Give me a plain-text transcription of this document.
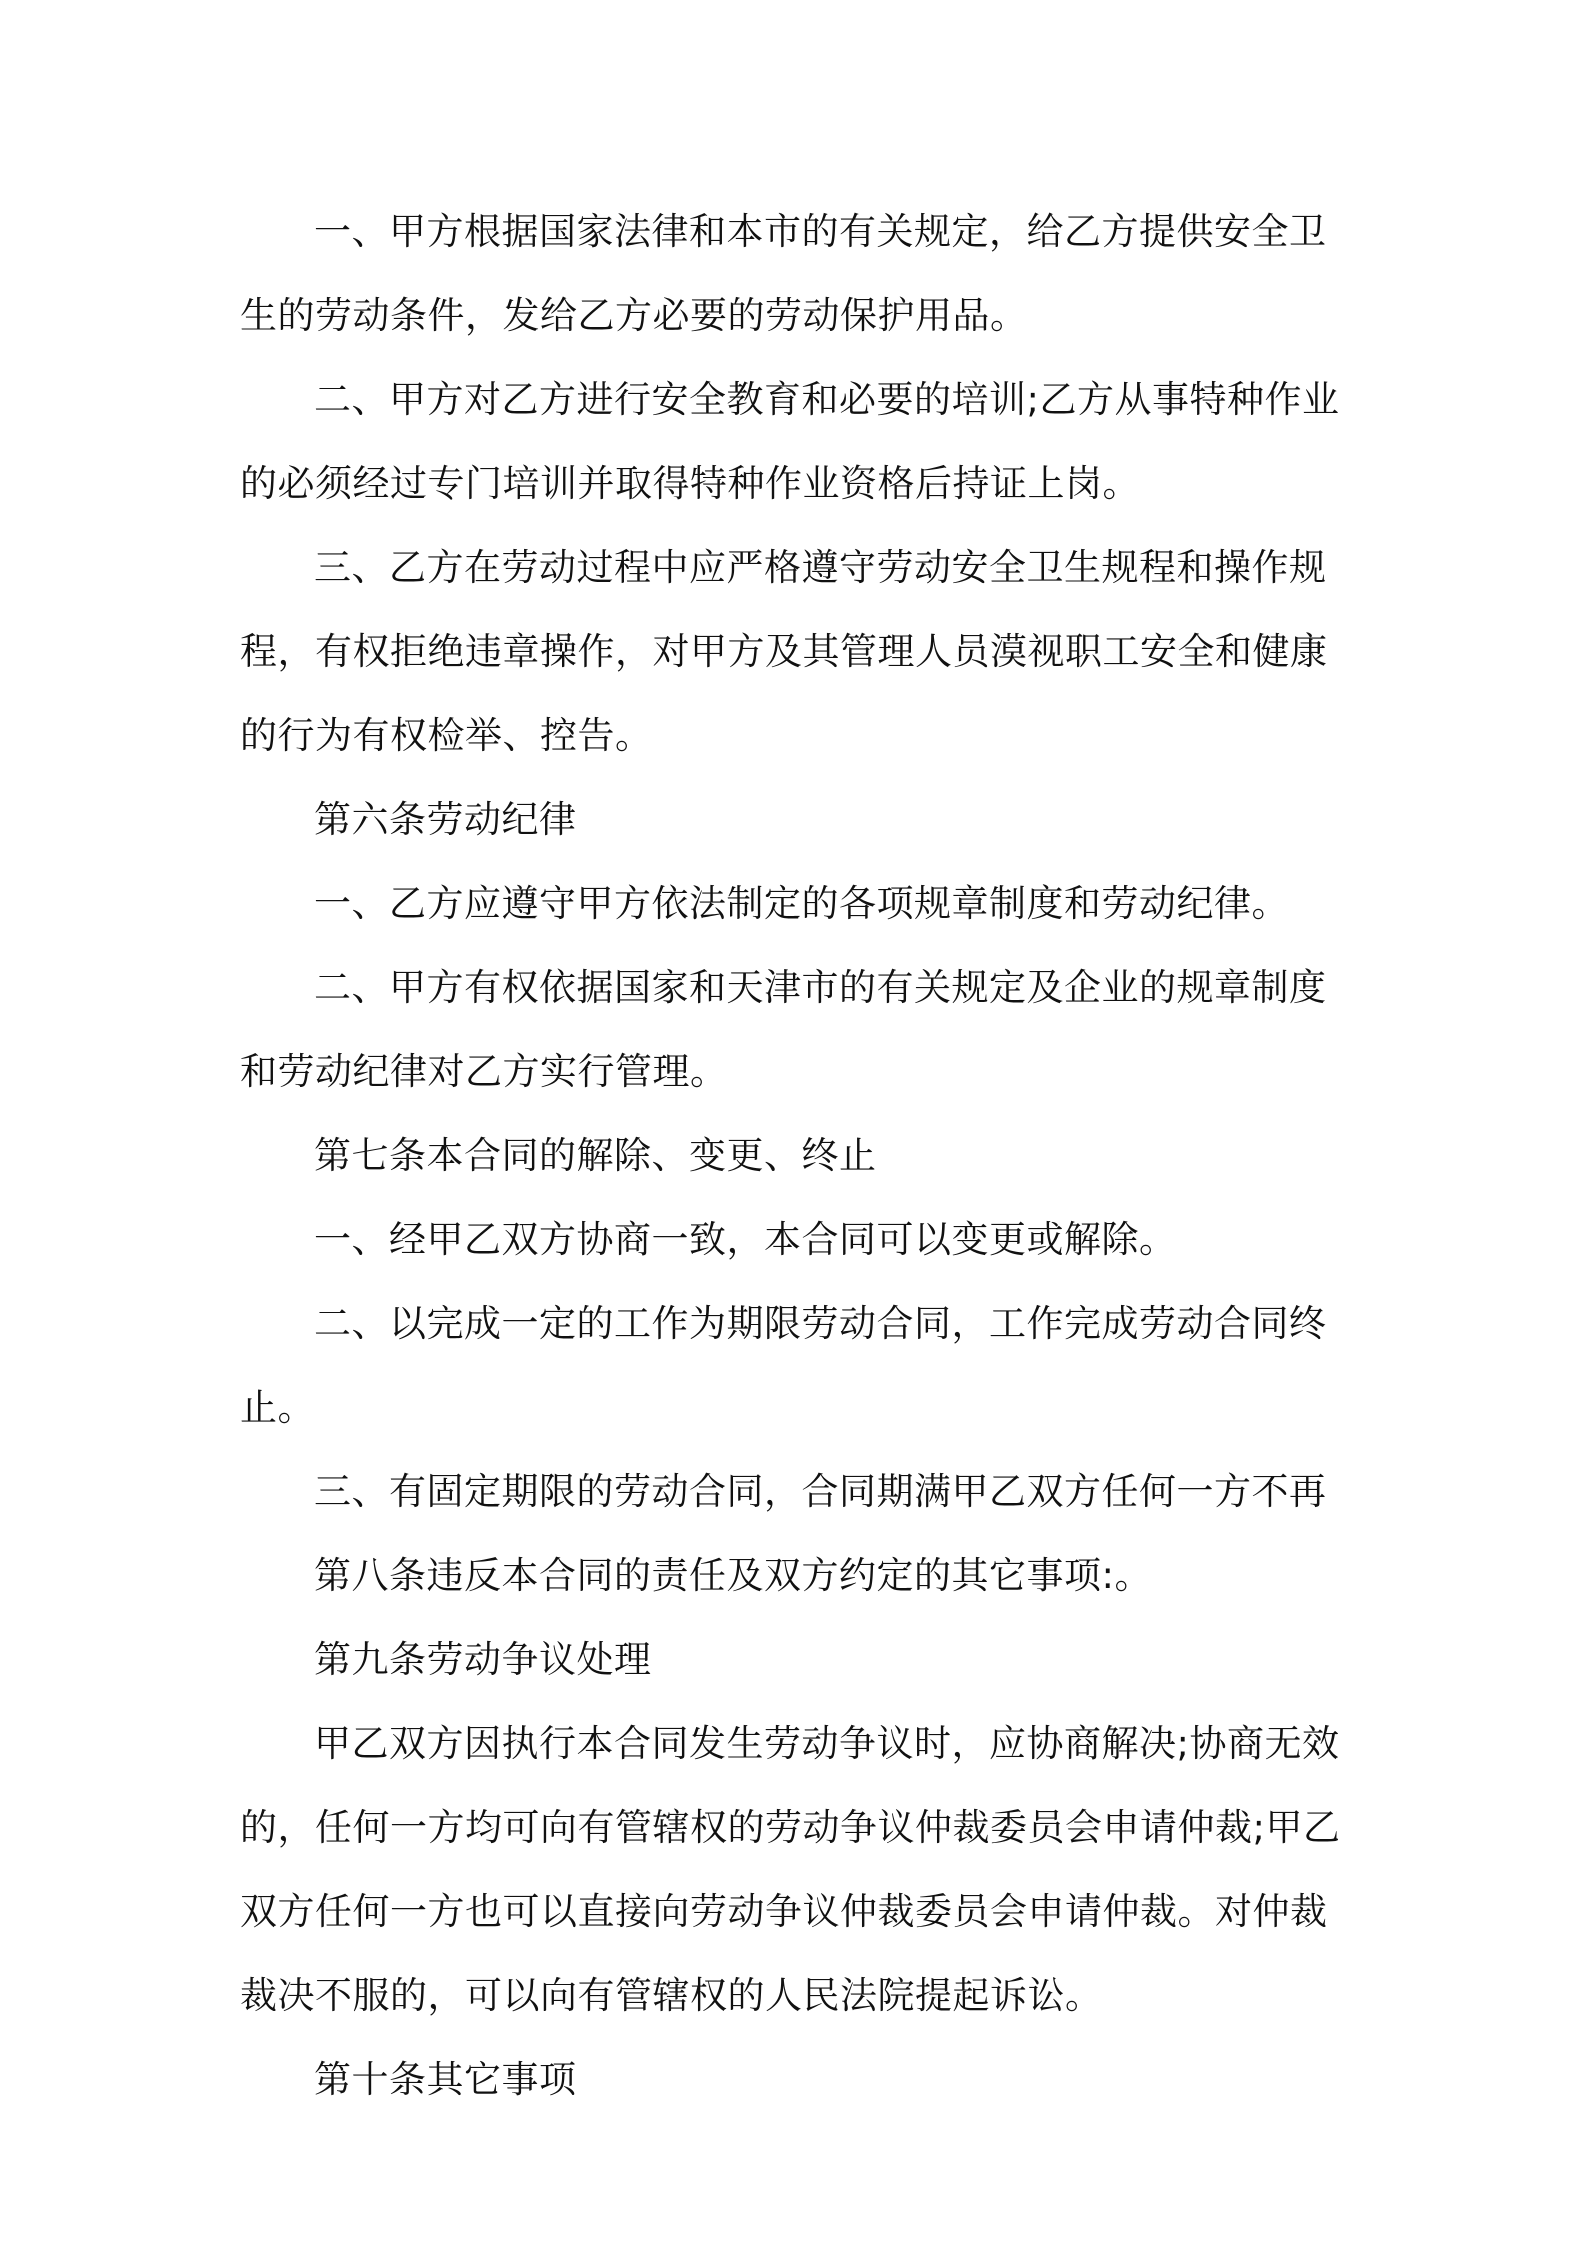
一、甲方根据国家法律和本市的有关规定，给乙方提供安全卫生的劳动条件，发给乙方必要的劳动保护用品。

二、甲方对乙方进行安全教育和必要的培训;乙方从事特种作业的必须经过专门培训并取得特种作业资格后持证上岗。

三、乙方在劳动过程中应严格遵守劳动安全卫生规程和操作规程，有权拒绝违章操作，对甲方及其管理人员漠视职工安全和健康的行为有权检举、控告。

第六条劳动纪律

一、乙方应遵守甲方依法制定的各项规章制度和劳动纪律。

二、甲方有权依据国家和天津市的有关规定及企业的规章制度和劳动纪律对乙方实行管理。

第七条本合同的解除、变更、终止

一、经甲乙双方协商一致，本合同可以变更或解除。

二、以完成一定的工作为期限劳动合同，工作完成劳动合同终止。

三、有固定期限的劳动合同，合同期满甲乙双方任何一方不再

第八条违反本合同的责任及双方约定的其它事项:。

第九条劳动争议处理

甲乙双方因执行本合同发生劳动争议时，应协商解决;协商无效的，任何一方均可向有管辖权的劳动争议仲裁委员会申请仲裁;甲乙双方任何一方也可以直接向劳动争议仲裁委员会申请仲裁。对仲裁裁决不服的，可以向有管辖权的人民法院提起诉讼。

第十条其它事项
